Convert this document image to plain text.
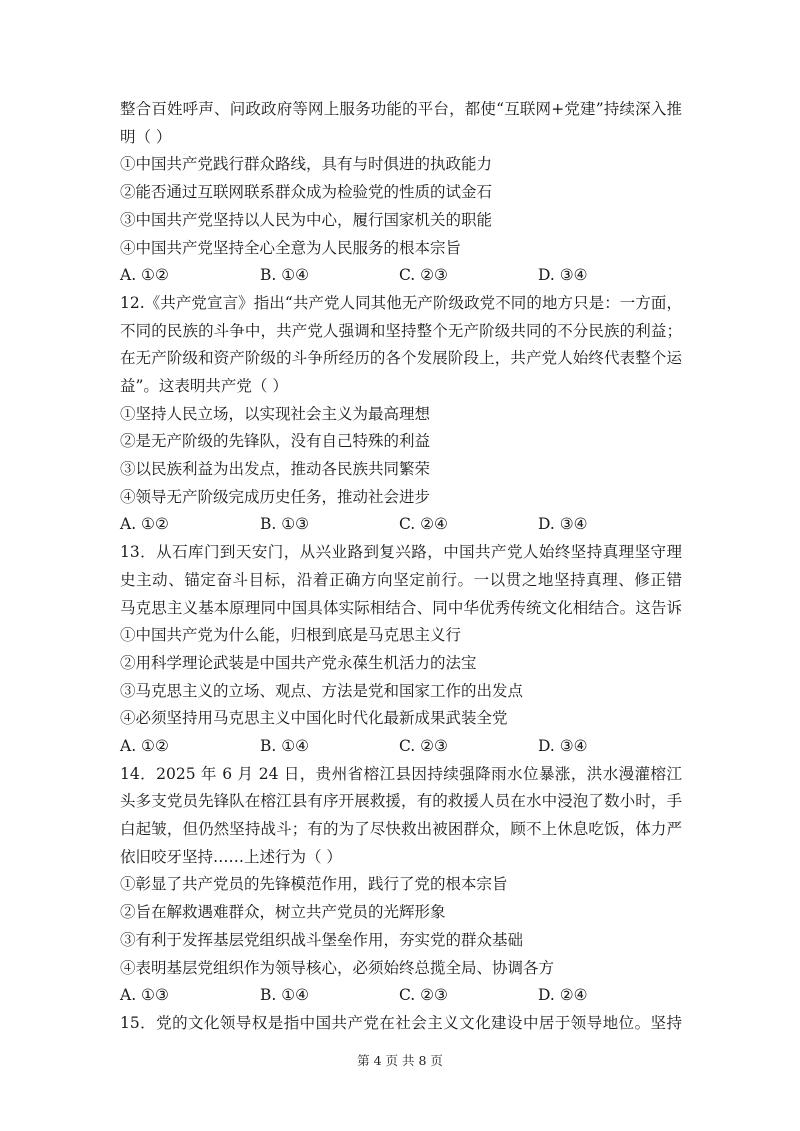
整合百姓呼声、问政政府等网上服务功能的平台，都使“互联网+党建”持续深入推
明（ ）
①中国共产党践行群众路线，具有与时俱进的执政能力
②能否通过互联网联系群众成为检验党的性质的试金石
③中国共产党坚持以人民为中心，履行国家机关的职能
④中国共产党坚持全心全意为人民服务的根本宗旨
A. ①②	B. ①④	C. ②③	D. ③④
12.《共产党宣言》指出“共产党人同其他无产阶级政党不同的地方只是：一方面，
不同的民族的斗争中，共产党人强调和坚持整个无产阶级共同的不分民族的利益；
在无产阶级和资产阶级的斗争所经历的各个发展阶段上，共产党人始终代表整个运
益”。这表明共产党（ ）
①坚持人民立场，以实现社会主义为最高理想
②是无产阶级的先锋队，没有自己特殊的利益
③以民族利益为出发点，推动各民族共同繁荣
④领导无产阶级完成历史任务，推动社会进步
A. ①②	B. ①③	C. ②④	D. ③④
13．从石库门到天安门，从兴业路到复兴路，中国共产党人始终坚持真理坚守理
史主动、锚定奋斗目标，沿着正确方向坚定前行。一以贯之地坚持真理、修正错
马克思主义基本原理同中国具体实际相结合、同中华优秀传统文化相结合。这告诉
①中国共产党为什么能，归根到底是马克思主义行
②用科学理论武装是中国共产党永葆生机活力的法宝
③马克思主义的立场、观点、方法是党和国家工作的出发点
④必须坚持用马克思主义中国化时代化最新成果武装全党
A. ①②	B. ①④	C. ②③	D. ③④
14．2025 年 6 月 24 日，贵州省榕江县因持续强降雨水位暴涨，洪水漫灌榕江
头多支党员先锋队在榕江县有序开展救援，有的救援人员在水中浸泡了数小时，手
白起皱，但仍然坚持战斗；有的为了尽快救出被困群众，顾不上休息吃饭，体力严
依旧咬牙坚持……上述行为（ ）
①彰显了共产党员的先锋模范作用，践行了党的根本宗旨
②旨在解救遇难群众，树立共产党员的光辉形象
③有利于发挥基层党组织战斗堡垒作用，夯实党的群众基础
④表明基层党组织作为领导核心，必须始终总揽全局、协调各方
A. ①③	B. ①④	C. ②③	D. ②④
15．党的文化领导权是指中国共产党在社会主义文化建设中居于领导地位。坚持
第 4 页 共 8 页
